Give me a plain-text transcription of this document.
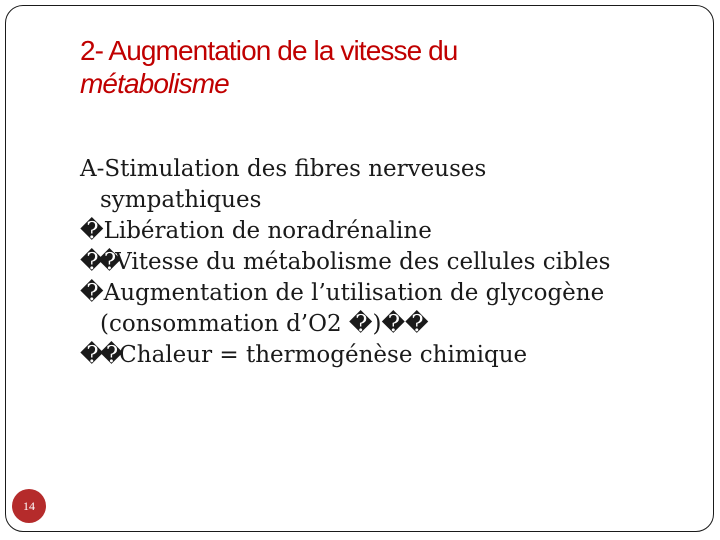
2- Augmentation de la vitesse du
métabolisme
A-Stimulation des fibres nerveuses
sympathiques
�Libération de noradrénaline
��Vitesse du métabolisme des cellules cibles
�Augmentation de l’utilisation de glycogène
(consommation d’O2 �)��
��Chaleur = thermogénèse chimique
14
